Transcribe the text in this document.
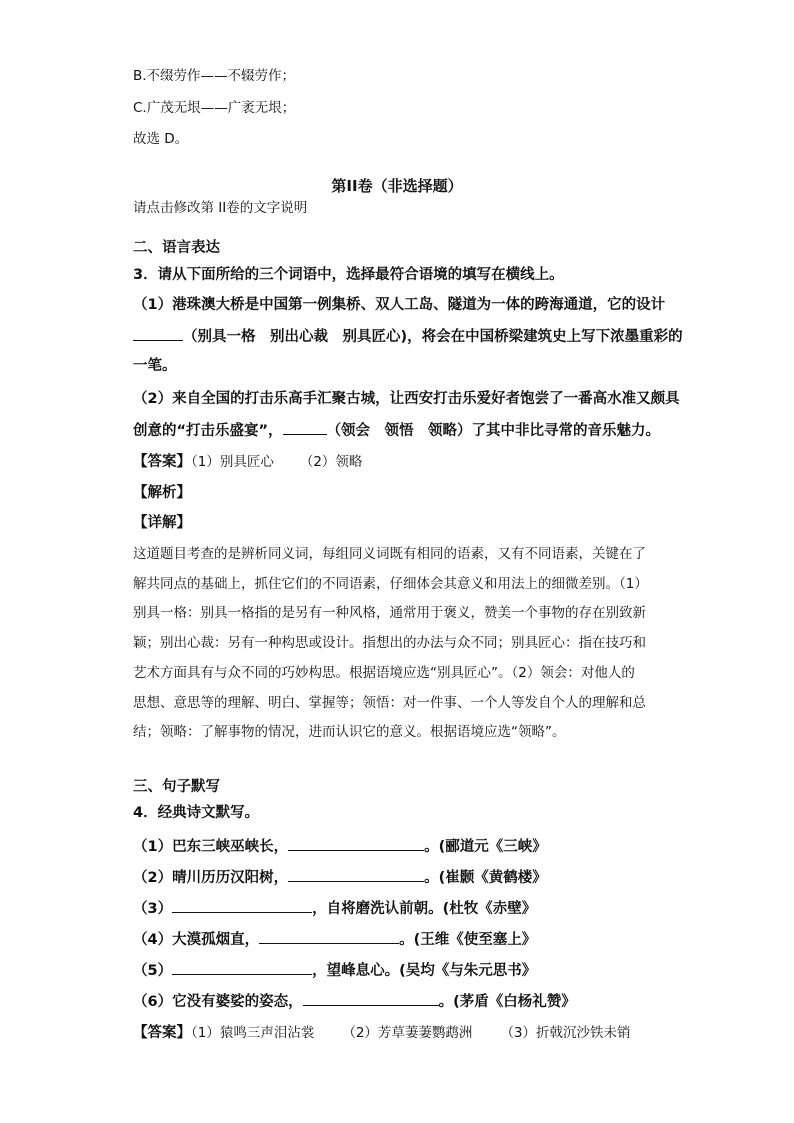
B.不缀劳作——不辍劳作；
C.广茂无垠——广袤无垠；
故选 D。
第II卷（非选择题）
请点击修改第 II卷的文字说明
二、语言表达
3．请从下面所给的三个词语中，选择最符合语境的填写在横线上。
（1）港珠澳大桥是中国第一例集桥、双人工岛、隧道为一体的跨海通道，它的设计
（别具一格　别出心裁　别具匠心)，将会在中国桥梁建筑史上写下浓墨重彩的
一笔。
（2）来自全国的打击乐高手汇聚古城，让西安打击乐爱好者饱尝了一番高水准又颇具
创意的“打击乐盛宴”，	（领会　领悟　领略）了其中非比寻常的音乐魅力。
【答案】（1）别具匠心 （2）领略
【解析】
【详解】
这道题目考查的是辨析同义词，每组同义词既有相同的语素，又有不同语素，关键在了
解共同点的基础上，抓住它们的不同语素，仔细体会其意义和用法上的细微差别。（1）
别具一格：别具一格指的是另有一种风格，通常用于褒义，赞美一个事物的存在别致新
颖；别出心裁：另有一种构思或设计。指想出的办法与众不同；别具匠心：指在技巧和
艺术方面具有与众不同的巧妙构思。根据语境应选“别具匠心”。（2）领会：对他人的
思想、意思等的理解、明白、掌握等；领悟：对一件事、一个人等发自个人的理解和总
结；领略：了解事物的情况，进而认识它的意义。根据语境应选“领略”。
三、句子默写
4．经典诗文默写。
（1）巴东三峡巫峡长，	。(郦道元《三峡》
（2）晴川历历汉阳树，	。(崔颢《黄鹤楼》
（3）	，自将磨洗认前朝。(杜牧《赤壁》
（4）大漠孤烟直，	。(王维《使至塞上》
（5）	，望峰息心。(吴均《与朱元思书》
（6）它没有婆娑的姿态，	。(茅盾《白杨礼赞》
【答案】（1）猿鸣三声泪沾裳 （2）芳草萋萋鹦鹉洲 （3）折戟沉沙铁未销
